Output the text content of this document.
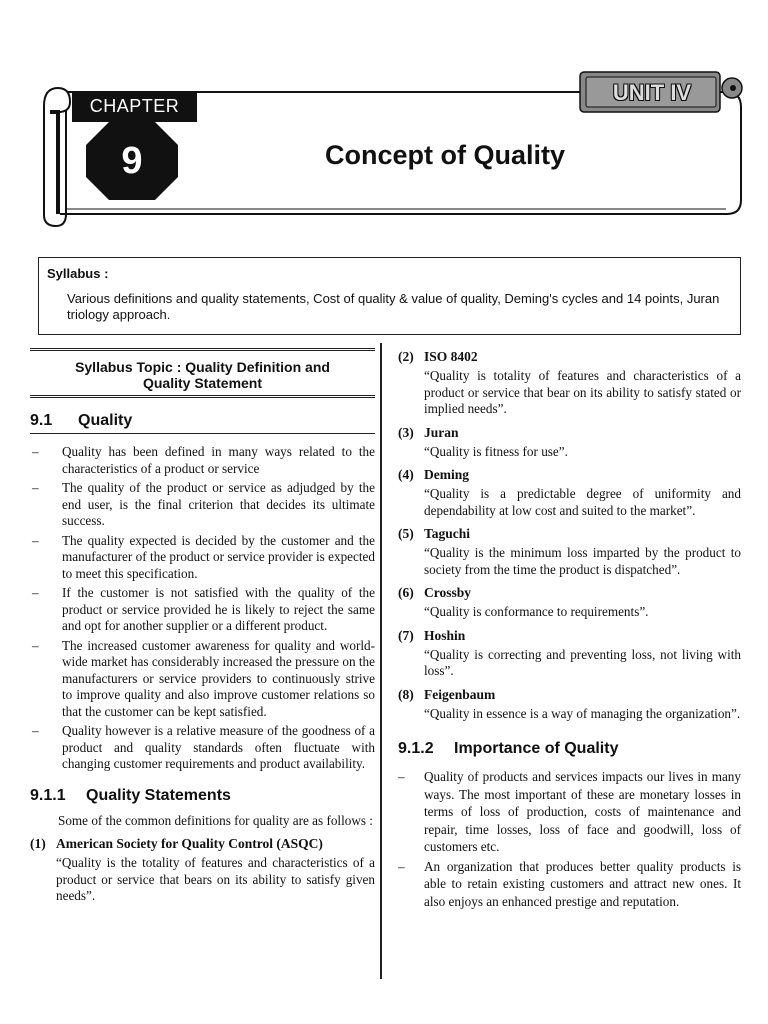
CHAPTER
9	Concept of Quality
UNIT IV
Syllabus :
Various definitions and quality statements, Cost of quality & value of quality, Deming's cycles and 14 points, Juran triology approach.
Syllabus Topic : Quality Definition and
Quality Statement
9.1 Quality
– Quality has been defined in many ways related to the characteristics of a product or service
– The quality of the product or service as adjudged by the end user, is the final criterion that decides its ultimate success.
– The quality expected is decided by the customer and the manufacturer of the product or service provider is expected to meet this specification.
– If the customer is not satisfied with the quality of the product or service provided he is likely to reject the same and opt for another supplier or a different product.
– The increased customer awareness for quality and world-wide market has considerably increased the pressure on the manufacturers or service providers to continuously strive to improve quality and also improve customer relations so that the customer can be kept satisfied.
– Quality however is a relative measure of the goodness of a product and quality standards often fluctuate with changing customer requirements and product availability.
9.1.1 Quality Statements
Some of the common definitions for quality are as follows :
(1) American Society for Quality Control (ASQC)
“Quality is the totality of features and characteristics of a product or service that bears on its ability to satisfy given needs”.
(2) ISO 8402
“Quality is totality of features and characteristics of a product or service that bear on its ability to satisfy stated or implied needs”.
(3) Juran
“Quality is fitness for use”.
(4) Deming
“Quality is a predictable degree of uniformity and dependability at low cost and suited to the market”.
(5) Taguchi
“Quality is the minimum loss imparted by the product to society from the time the product is dispatched”.
(6) Crossby
“Quality is conformance to requirements”.
(7) Hoshin
“Quality is correcting and preventing loss, not living with loss”.
(8) Feigenbaum
“Quality in essence is a way of managing the organization”.
9.1.2 Importance of Quality
– Quality of products and services impacts our lives in many ways. The most important of these are monetary losses in terms of loss of production, costs of maintenance and repair, time losses, loss of face and goodwill, loss of customers etc.
– An organization that produces better quality products is able to retain existing customers and attract new ones. It also enjoys an enhanced prestige and reputation.
